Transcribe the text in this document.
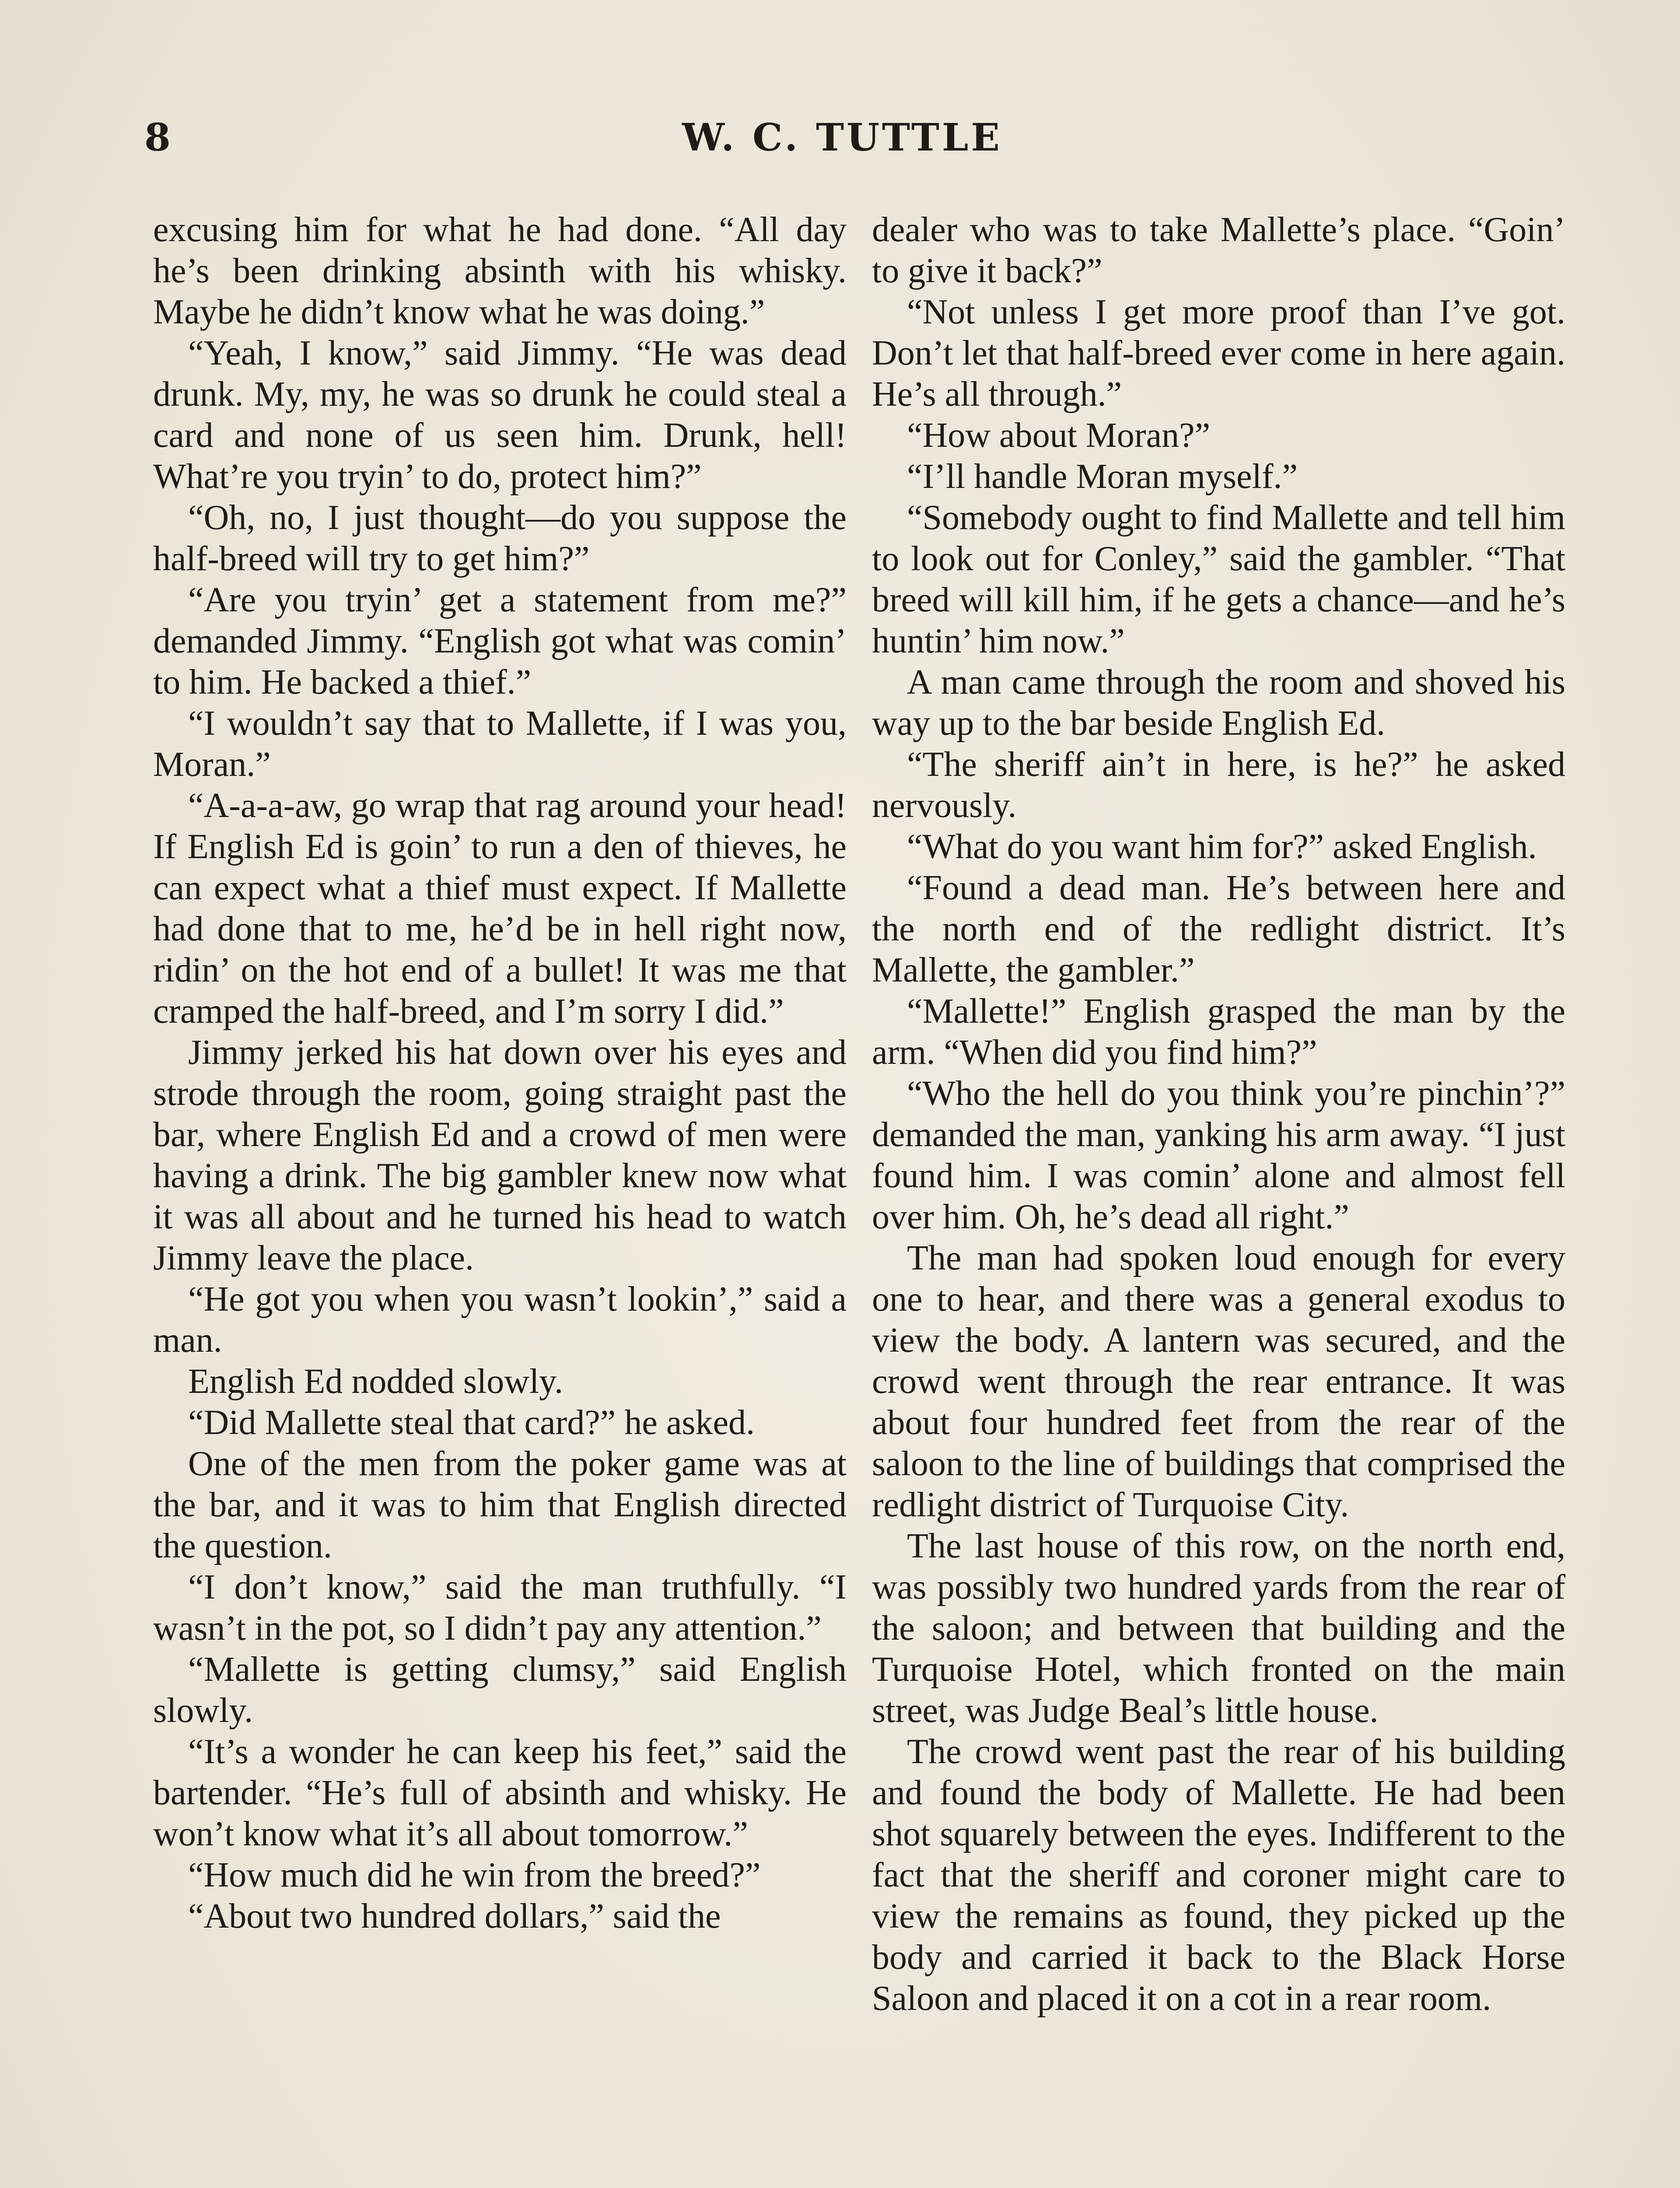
8	W. C. TUTTLE

excusing him for what he had done. “All day he’s been drinking absinth with his whisky. Maybe he didn’t know what he was doing.”

“Yeah, I know,” said Jimmy. “He was dead drunk. My, my, he was so drunk he could steal a card and none of us seen him. Drunk, hell! What’re you tryin’ to do, protect him?”

“Oh, no, I just thought—do you suppose the half-breed will try to get him?”

“Are you tryin’ get a statement from me?” demanded Jimmy. “English got what was comin’ to him. He backed a thief.”

“I wouldn’t say that to Mallette, if I was you, Moran.”

“A-a-a-aw, go wrap that rag around your head! If English Ed is goin’ to run a den of thieves, he can expect what a thief must expect. If Mallette had done that to me, he’d be in hell right now, ridin’ on the hot end of a bullet! It was me that cramped the half-breed, and I’m sorry I did.”

Jimmy jerked his hat down over his eyes and strode through the room, going straight past the bar, where English Ed and a crowd of men were having a drink. The big gambler knew now what it was all about and he turned his head to watch Jimmy leave the place.

“He got you when you wasn’t lookin’,” said a man.

English Ed nodded slowly.

“Did Mallette steal that card?” he asked.

One of the men from the poker game was at the bar, and it was to him that English directed the question.

“I don’t know,” said the man truthfully. “I wasn’t in the pot, so I didn’t pay any attention.”

“Mallette is getting clumsy,” said English slowly.

“It’s a wonder he can keep his feet,” said the bartender. “He’s full of absinth and whisky. He won’t know what it’s all about tomorrow.”

“How much did he win from the breed?”

“About two hundred dollars,” said the

dealer who was to take Mallette’s place. “Goin’ to give it back?”

“Not unless I get more proof than I’ve got. Don’t let that half-breed ever come in here again. He’s all through.”

“How about Moran?”

“I’ll handle Moran myself.”

“Somebody ought to find Mallette and tell him to look out for Conley,” said the gambler. “That breed will kill him, if he gets a chance—and he’s huntin’ him now.”

A man came through the room and shoved his way up to the bar beside English Ed.

“The sheriff ain’t in here, is he?” he asked nervously.

“What do you want him for?” asked English.

“Found a dead man. He’s between here and the north end of the redlight district. It’s Mallette, the gambler.”

“Mallette!” English grasped the man by the arm. “When did you find him?”

“Who the hell do you think you’re pinchin’?” demanded the man, yanking his arm away. “I just found him. I was comin’ alone and almost fell over him. Oh, he’s dead all right.”

The man had spoken loud enough for every one to hear, and there was a general exodus to view the body. A lantern was secured, and the crowd went through the rear entrance. It was about four hundred feet from the rear of the saloon to the line of buildings that comprised the redlight district of Turquoise City.

The last house of this row, on the north end, was possibly two hundred yards from the rear of the saloon; and between that building and the Turquoise Hotel, which fronted on the main street, was Judge Beal’s little house.

The crowd went past the rear of his building and found the body of Mallette. He had been shot squarely between the eyes. Indifferent to the fact that the sheriff and coroner might care to view the remains as found, they picked up the body and carried it back to the Black Horse Saloon and placed it on a cot in a rear room.
